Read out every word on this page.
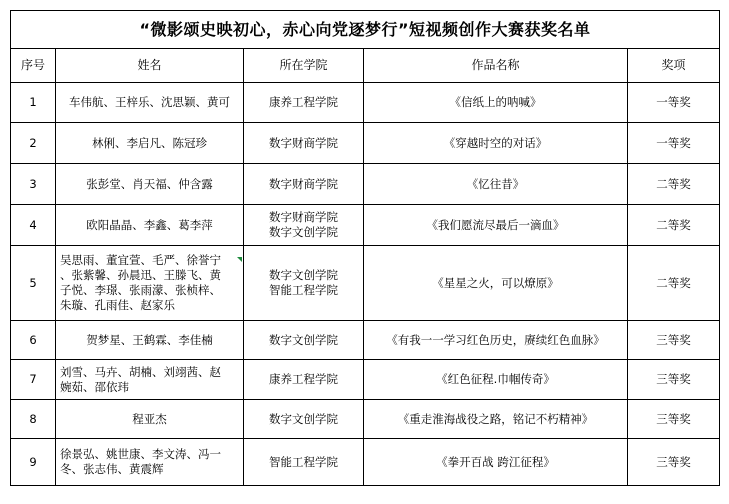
“微影颂史映初心，赤心向党逐梦行”短视频创作大赛获奖名单				
序号	姓名	所在学院	作品名称	奖项
1	车伟航、王梓乐、沈思颖、黄可	康养工程学院	《信纸上的呐喊》	一等奖
2	林俐、李启凡、陈冠珍	数字财商学院	《穿越时空的对话》	一等奖
3	张彭堂、肖天福、仲含露	数字财商学院	《忆往昔》	二等奖
4	欧阳晶晶、李鑫、葛李萍	数字财商学院
数字文创学院	《我们愿流尽最后一滴血》	二等奖
5	吴思雨、董宜萱、毛严、徐誉宁
、张紫馨、孙晨迅、王滕飞、黄
子悦、李璟、张雨濛、张桢梓、
朱璇、孔雨佳、赵家乐	数字文创学院
智能工程学院	《星星之火，可以燎原》	二等奖
6	贺梦星、王鹤霖、李佳楠	数字文创学院	《有我一一学习红色历史，赓续红色血脉》	三等奖
7	刘雪、马卉、胡楠、刘翊茜、赵
婉茹、邵依玮	康养工程学院	《红色征程.巾帼传奇》	三等奖
8	程亚杰	数字文创学院	《重走淮海战役之路，铭记不朽精神》	三等奖
9	徐景弘、姚世康、李文涛、冯一
冬、张志伟、黄震辉	智能工程学院	《拳开百战 跨江征程》	三等奖
